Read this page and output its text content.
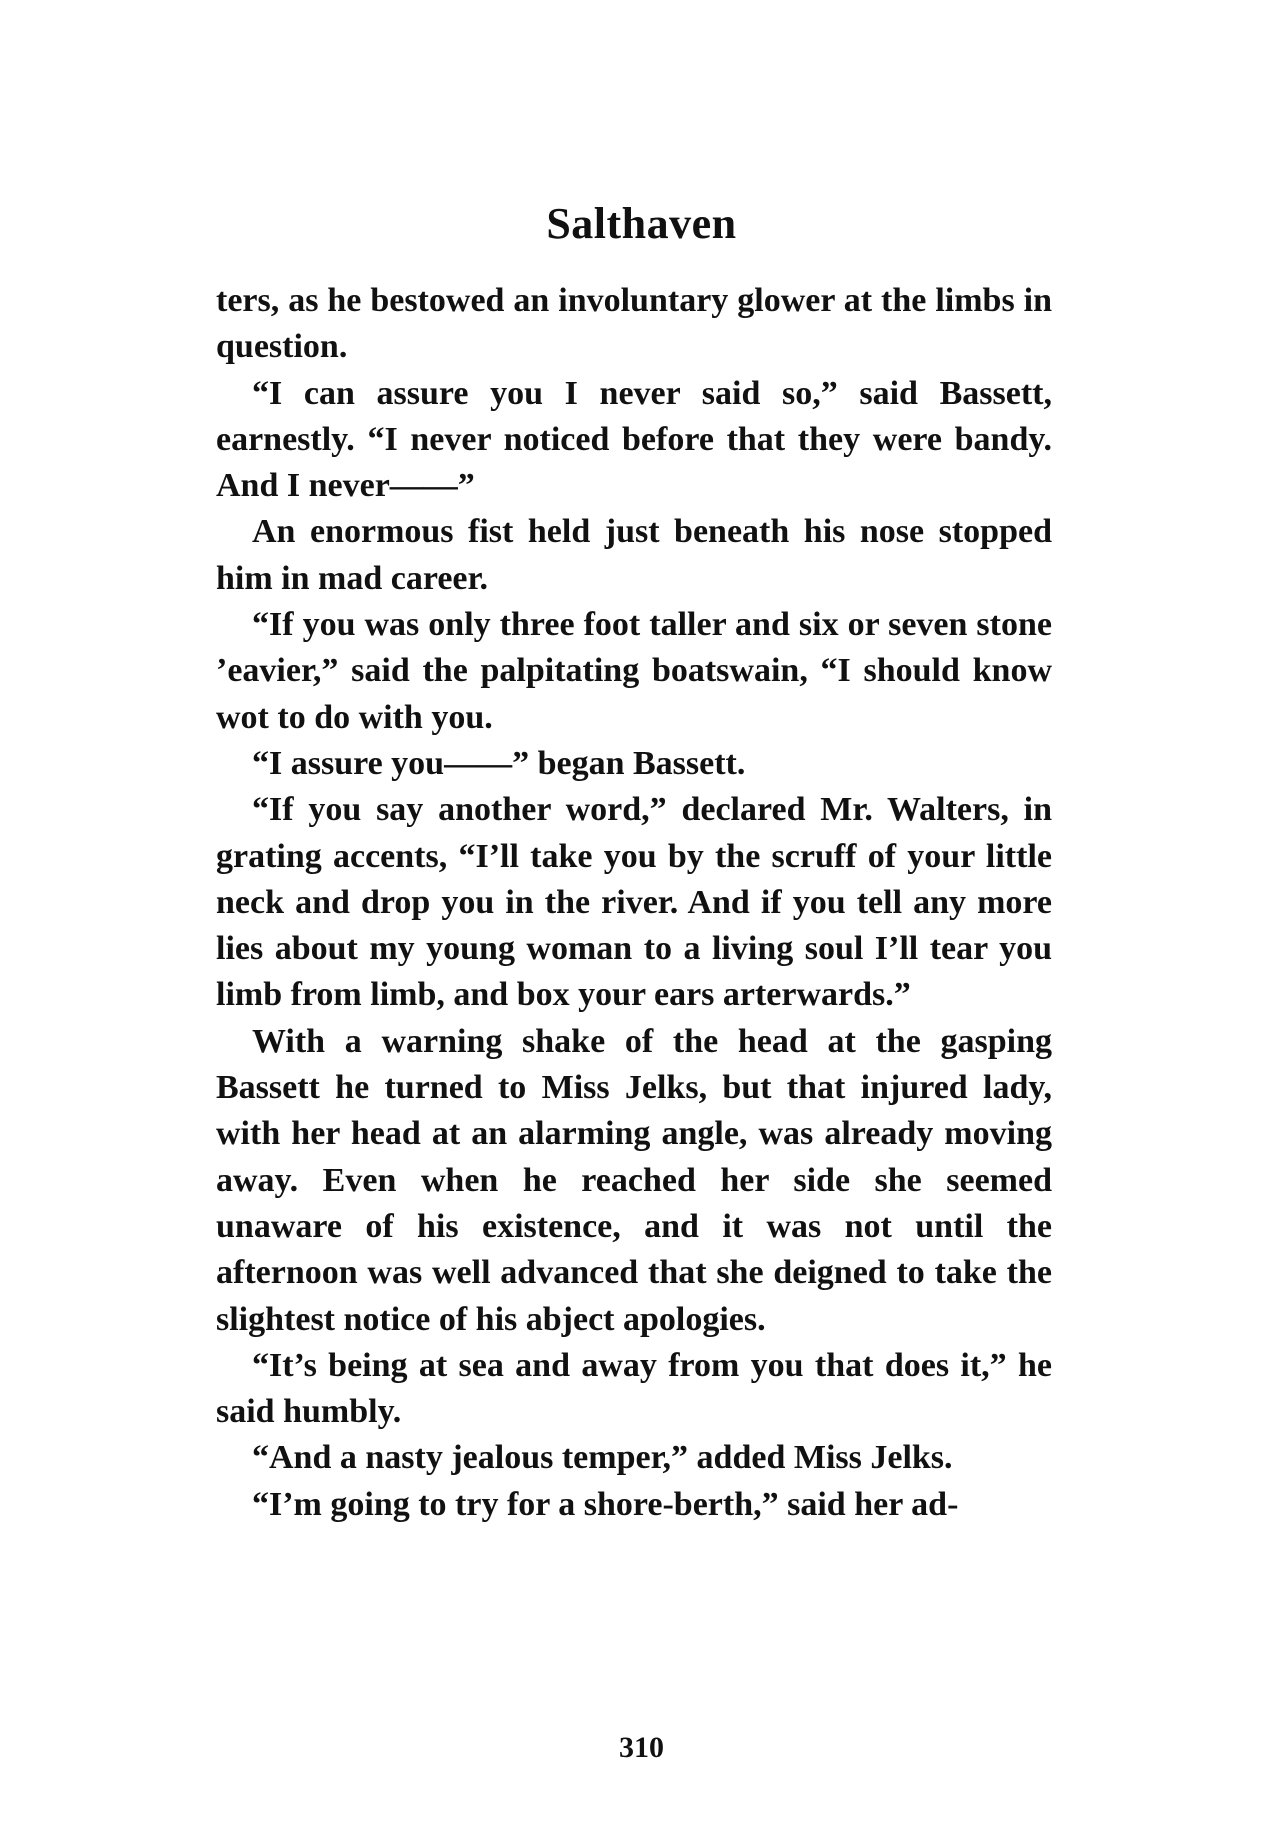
Salthaven

ters, as he bestowed an involuntary glower at the limbs in question.

“I can assure you I never said so,” said Bassett, earnestly. “I never noticed before that they were bandy. And I never——”

An enormous fist held just beneath his nose stopped him in mad career.

“If you was only three foot taller and six or seven stone ’eavier,” said the palpitating boatswain, “I should know wot to do with you.

“I assure you——” began Bassett.

“If you say another word,” declared Mr. Walters, in grating accents, “I’ll take you by the scruff of your little neck and drop you in the river. And if you tell any more lies about my young woman to a living soul I’ll tear you limb from limb, and box your ears arterwards.”

With a warning shake of the head at the gasping Bassett he turned to Miss Jelks, but that injured lady, with her head at an alarming angle, was already moving away. Even when he reached her side she seemed unaware of his existence, and it was not until the afternoon was well advanced that she deigned to take the slightest notice of his abject apologies.

“It’s being at sea and away from you that does it,” he said humbly.

“And a nasty jealous temper,” added Miss Jelks.

“I’m going to try for a shore-berth,” said her ad-

310
